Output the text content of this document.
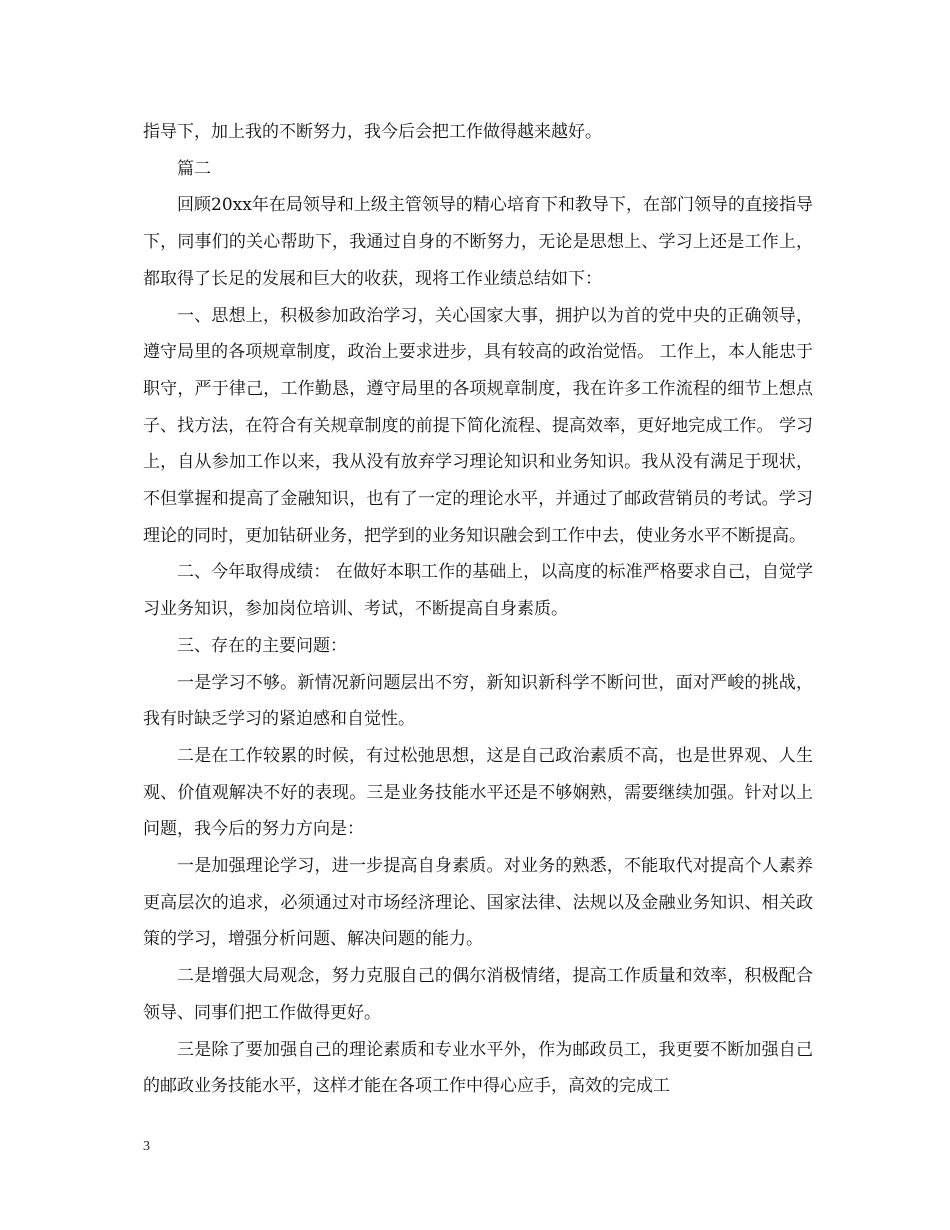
指导下，加上我的不断努力，我今后会把工作做得越来越好。

篇二

回顾20xx年在局领导和上级主管领导的精心培育下和教导下，在部门领导的直接指导下，同事们的关心帮助下，我通过自身的不断努力，无论是思想上、学习上还是工作上，都取得了长足的发展和巨大的收获，现将工作业绩总结如下：

一、思想上，积极参加政治学习，关心国家大事，拥护以为首的党中央的正确领导，遵守局里的各项规章制度，政治上要求进步，具有较高的政治觉悟。 工作上，本人能忠于职守，严于律己，工作勤恳，遵守局里的各项规章制度，我在许多工作流程的细节上想点子、找方法，在符合有关规章制度的前提下简化流程、提高效率，更好地完成工作。 学习上，自从参加工作以来，我从没有放弃学习理论知识和业务知识。我从没有满足于现状，不但掌握和提高了金融知识，也有了一定的理论水平，并通过了邮政营销员的考试。学习理论的同时，更加钻研业务，把学到的业务知识融会到工作中去，使业务水平不断提高。

二、今年取得成绩： 在做好本职工作的基础上，以高度的标准严格要求自己，自觉学习业务知识，参加岗位培训、考试，不断提高自身素质。

三、存在的主要问题：

一是学习不够。新情况新问题层出不穷，新知识新科学不断问世，面对严峻的挑战，我有时缺乏学习的紧迫感和自觉性。

二是在工作较累的时候，有过松弛思想，这是自己政治素质不高，也是世界观、人生观、价值观解决不好的表现。三是业务技能水平还是不够娴熟，需要继续加强。针对以上问题，我今后的努力方向是：

一是加强理论学习，进一步提高自身素质。对业务的熟悉，不能取代对提高个人素养更高层次的追求，必须通过对市场经济理论、国家法律、法规以及金融业务知识、相关政策的学习，增强分析问题、解决问题的能力。

二是增强大局观念，努力克服自己的偶尔消极情绪，提高工作质量和效率，积极配合领导、同事们把工作做得更好。

三是除了要加强自己的理论素质和专业水平外，作为邮政员工，我更要不断加强自己的邮政业务技能水平，这样才能在各项工作中得心应手，高效的完成工

3
